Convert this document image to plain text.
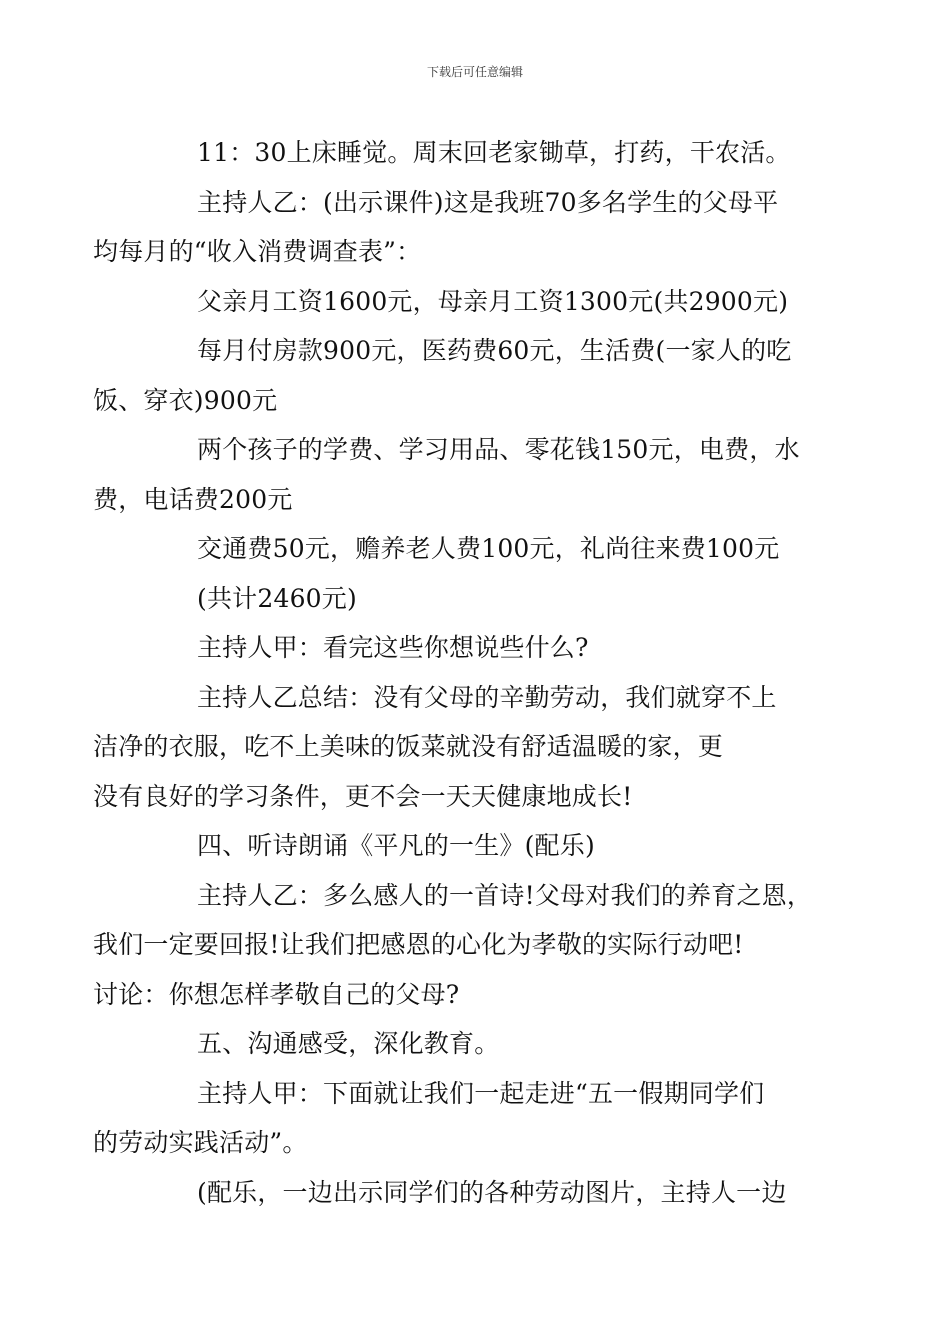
下载后可任意编辑

11：30上床睡觉。周末回老家锄草，打药，干农活。

主持人乙：(出示课件)这是我班70多名学生的父母平
均每月的“收入消费调查表”：

父亲月工资1600元，母亲月工资1300元(共2900元)

每月付房款900元，医药费60元，生活费(一家人的吃
饭、穿衣)900元

两个孩子的学费、学习用品、零花钱150元，电费，水
费，电话费200元

交通费50元，赡养老人费100元，礼尚往来费100元

(共计2460元)

主持人甲：看完这些你想说些什么?

主持人乙总结：没有父母的辛勤劳动，我们就穿不上
洁净的衣服，吃不上美味的饭菜就没有舒适温暖的家，更
没有良好的学习条件，更不会一天天健康地成长!

四、听诗朗诵《平凡的一生》(配乐)

主持人乙：多么感人的一首诗!父母对我们的养育之恩，
我们一定要回报!让我们把感恩的心化为孝敬的实际行动吧!
讨论：你想怎样孝敬自己的父母?

五、沟通感受，深化教育。

主持人甲：下面就让我们一起走进“五一假期同学们
的劳动实践活动”。

(配乐，一边出示同学们的各种劳动图片，主持人一边
